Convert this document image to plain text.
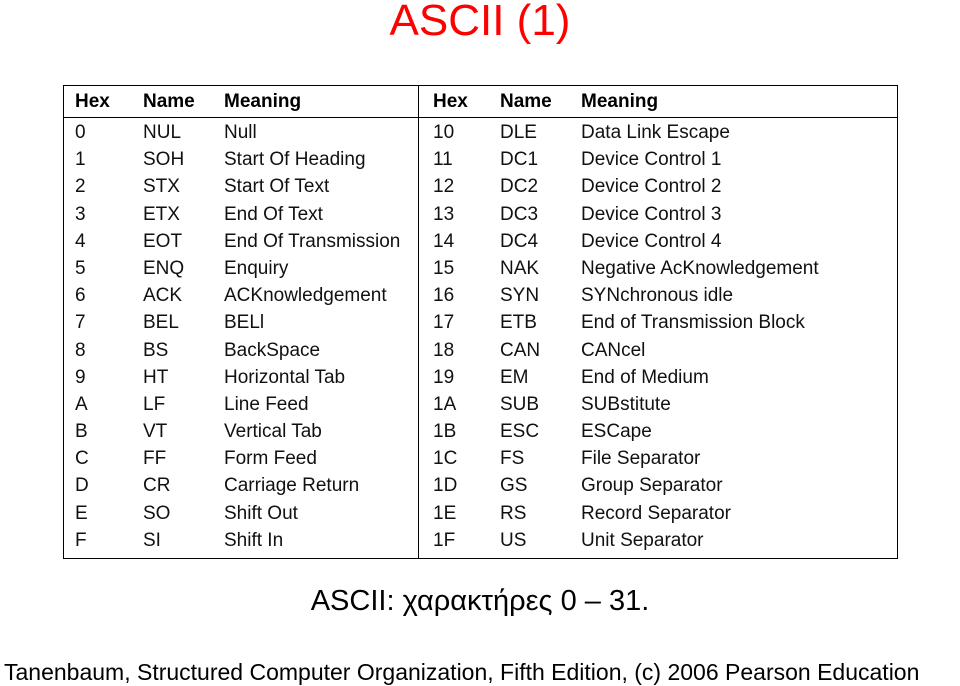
ASCII (1)
Hex Name Meaning
0	NUL Null
1	SOH Start Of Heading
2	STX Start Of Text
3	ETX End Of Text
4	EOT End Of Transmission
5	ENQ Enquiry
6	ACK ACKnowledgement
7	BEL BELl
8	BS	BackSpace
9	HT	Horizontal Tab
A	LF	Line Feed
B	VT	Vertical Tab
C	FF	Form Feed
D	CR	Carriage Return
E	SO	Shift Out
F	SI	Shift In
Hex Name Meaning
10 DLE Data Link Escape
11 DC1 Device Control 1
12 DC2 Device Control 2
13 DC3 Device Control 3
14 DC4 Device Control 4
15 NAK Negative AcKnowledgement
16 SYN SYNchronous idle
17 ETB End of Transmission Block
18 CAN CANcel
19 EM	End of Medium
1A SUB SUBstitute
1B ESC ESCape
1C FS	File Separator
1D GS	Group Separator
1E RS	Record Separator
1F US	Unit Separator
ASCII: χαρακτήρες 0 – 31.
Tanenbaum, Structured Computer Organization, Fifth Edition, (c) 2006 Pearson Education
